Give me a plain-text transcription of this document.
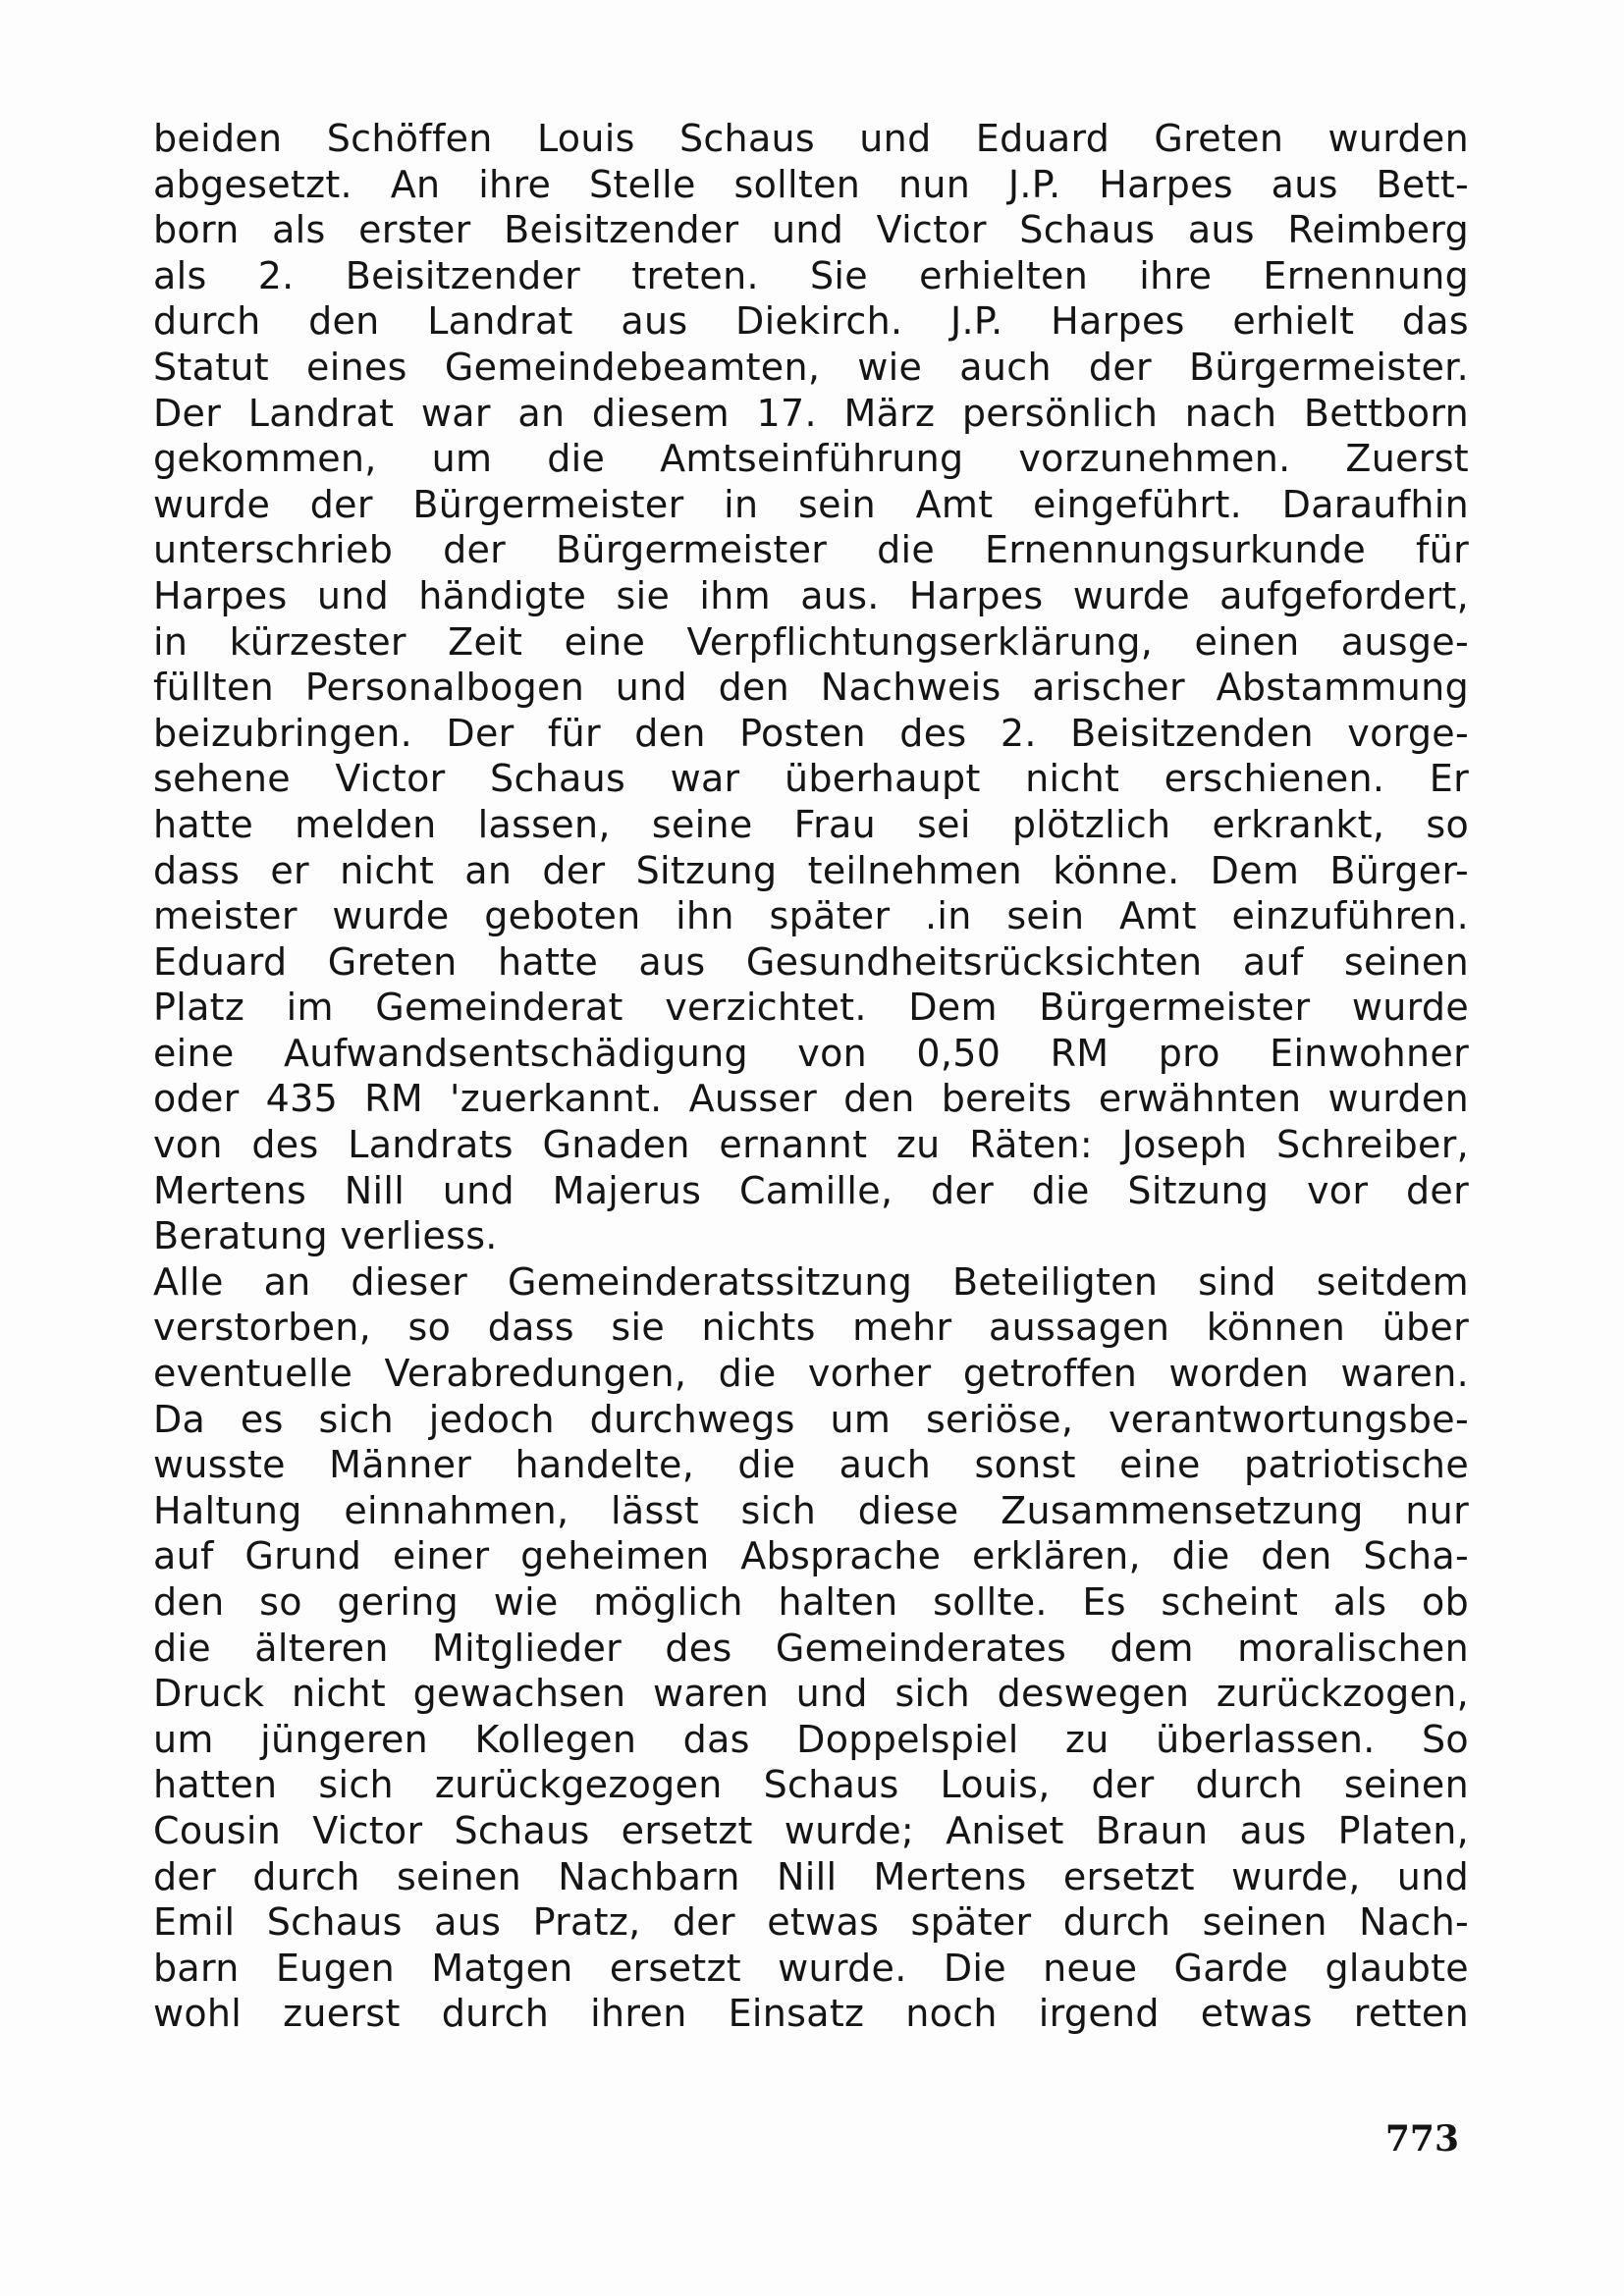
beiden Schöffen Louis Schaus und Eduard Greten wurden
abgesetzt. An ihre Stelle sollten nun J.P. Harpes aus Bett-
born als erster Beisitzender und Victor Schaus aus Reimberg
als 2. Beisitzender treten. Sie erhielten ihre Ernennung
durch den Landrat aus Diekirch. J.P. Harpes erhielt das
Statut eines Gemeindebeamten, wie auch der Bürgermeister.
Der Landrat war an diesem 17. März persönlich nach Bettborn
gekommen, um die Amtseinführung vorzunehmen. Zuerst
wurde der Bürgermeister in sein Amt eingeführt. Daraufhin
unterschrieb der Bürgermeister die Ernennungsurkunde für
Harpes und händigte sie ihm aus. Harpes wurde aufgefordert,
in kürzester Zeit eine Verpflichtungserklärung, einen ausge-
füllten Personalbogen und den Nachweis arischer Abstammung
beizubringen. Der für den Posten des 2. Beisitzenden vorge-
sehene Victor Schaus war überhaupt nicht erschienen. Er
hatte melden lassen, seine Frau sei plötzlich erkrankt, so
dass er nicht an der Sitzung teilnehmen könne. Dem Bürger-
meister wurde geboten ihn später .in sein Amt einzuführen.
Eduard Greten hatte aus Gesundheitsrücksichten auf seinen
Platz im Gemeinderat verzichtet. Dem Bürgermeister wurde
eine Aufwandsentschädigung von 0,50 RM pro Einwohner
oder 435 RM 'zuerkannt. Ausser den bereits erwähnten wurden
von des Landrats Gnaden ernannt zu Räten: Joseph Schreiber,
Mertens Nill und Majerus Camille, der die Sitzung vor der
Beratung verliess.
Alle an dieser Gemeinderatssitzung Beteiligten sind seitdem
verstorben, so dass sie nichts mehr aussagen können über
eventuelle Verabredungen, die vorher getroffen worden waren.
Da es sich jedoch durchwegs um seriöse, verantwortungsbe-
wusste Männer handelte, die auch sonst eine patriotische
Haltung einnahmen, lässt sich diese Zusammensetzung nur
auf Grund einer geheimen Absprache erklären, die den Scha-
den so gering wie möglich halten sollte. Es scheint als ob
die älteren Mitglieder des Gemeinderates dem moralischen
Druck nicht gewachsen waren und sich deswegen zurückzogen,
um jüngeren Kollegen das Doppelspiel zu überlassen. So
hatten sich zurückgezogen Schaus Louis, der durch seinen
Cousin Victor Schaus ersetzt wurde; Aniset Braun aus Platen,
der durch seinen Nachbarn Nill Mertens ersetzt wurde, und
Emil Schaus aus Pratz, der etwas später durch seinen Nach-
barn Eugen Matgen ersetzt wurde. Die neue Garde glaubte
wohl zuerst durch ihren Einsatz noch irgend etwas retten
773
